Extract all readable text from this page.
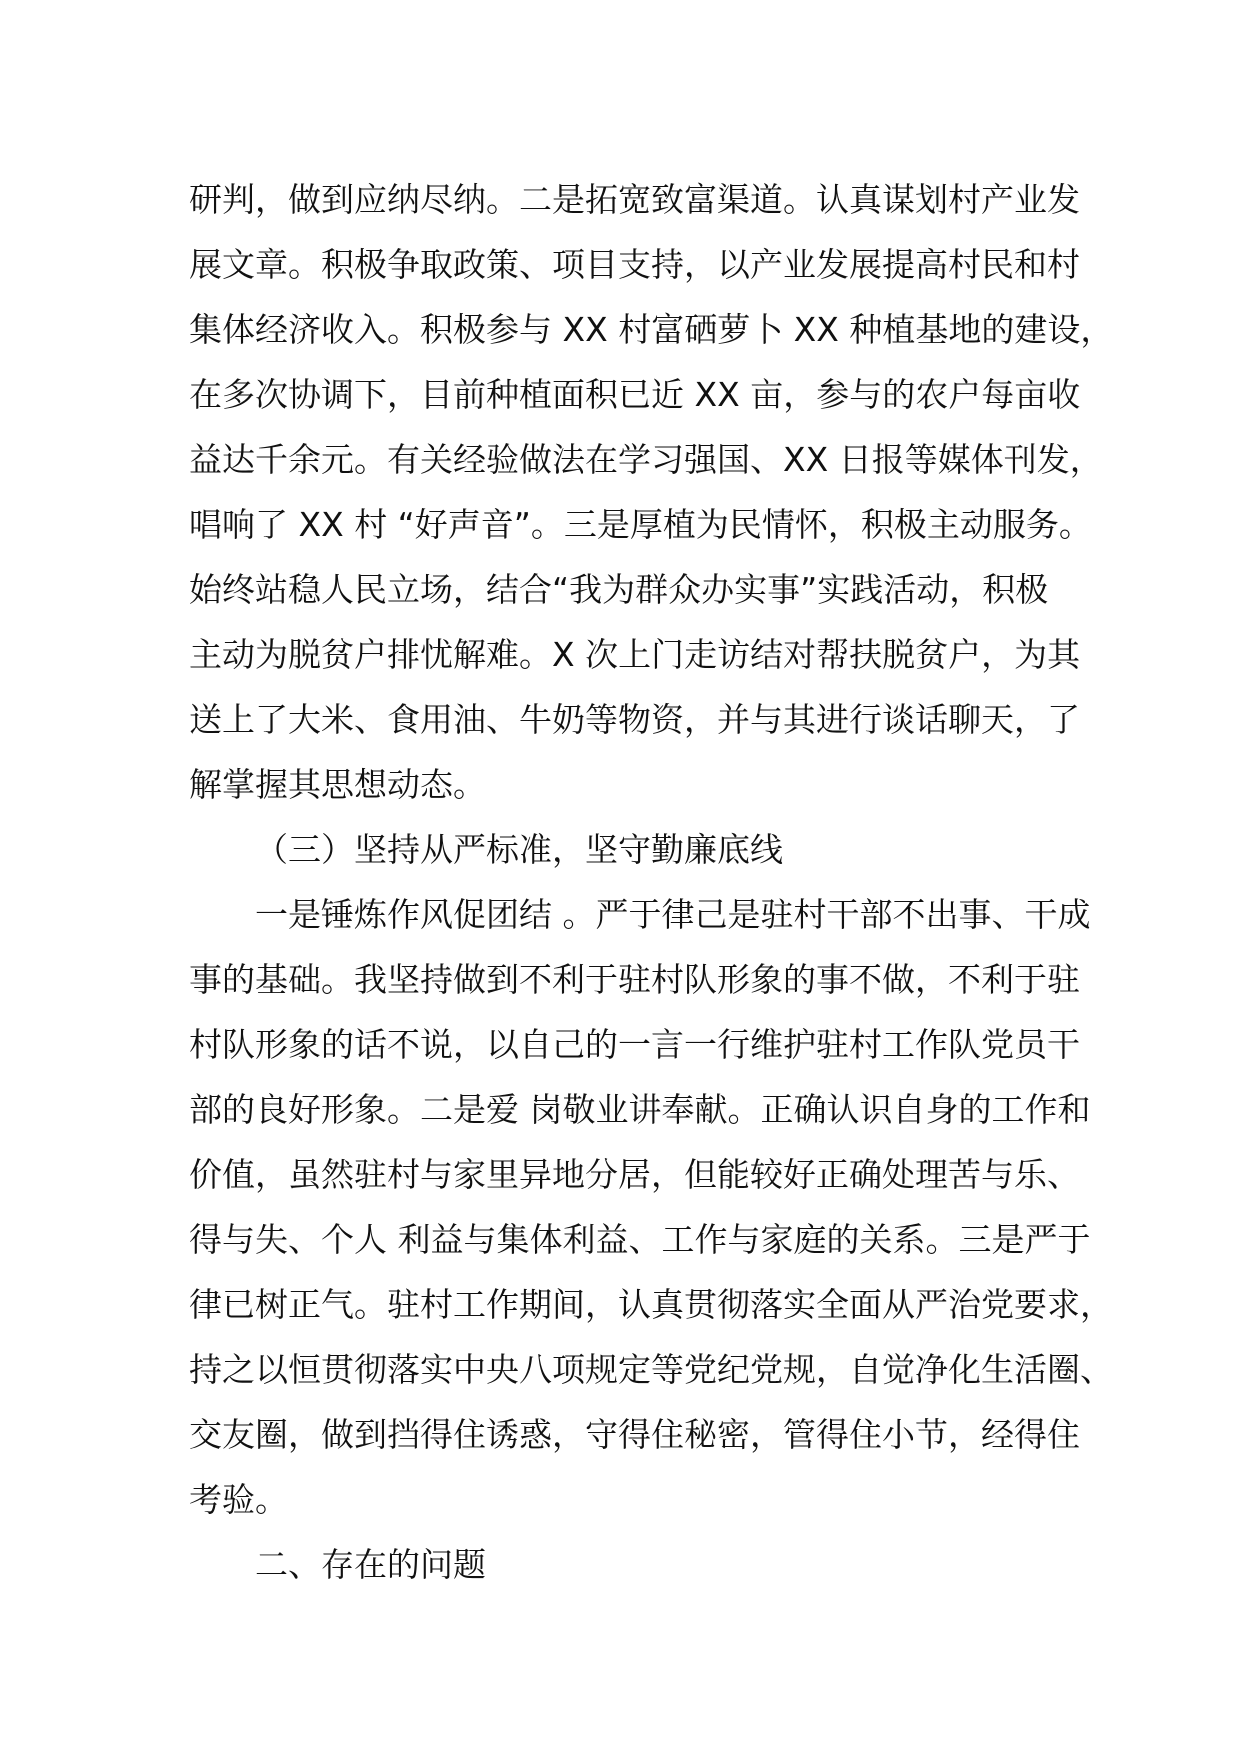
研判，做到应纳尽纳。二是拓宽致富渠道。认真谋划村产业发
展文章。积极争取政策、项目支持，以产业发展提高村民和村
集体经济收入。积极参与 XX 村富硒萝卜 XX 种植基地的建设，
在多次协调下，目前种植面积已近 XX 亩，参与的农户每亩收
益达千余元。有关经验做法在学习强国、XX 日报等媒体刊发，
唱响了 XX 村 “好声音”。三是厚植为民情怀，积极主动服务。
始终站稳人民立场，结合“我为群众办实事”实践活动，积极
主动为脱贫户排忧解难。X 次上门走访结对帮扶脱贫户，为其
送上了大米、食用油、牛奶等物资，并与其进行谈话聊天，了
解掌握其思想动态。
（三）坚持从严标准，坚守勤廉底线
一是锤炼作风促团结 。严于律己是驻村干部不出事、干成
事的基础。我坚持做到不利于驻村队形象的事不做，不利于驻
村队形象的话不说，以自己的一言一行维护驻村工作队党员干
部的良好形象。二是爱 岗敬业讲奉献。正确认识自身的工作和
价值，虽然驻村与家里异地分居，但能较好正确处理苦与乐、
得与失、个人 利益与集体利益、工作与家庭的关系。三是严于
律已树正气。驻村工作期间，认真贯彻落实全面从严治党要求，
持之以恒贯彻落实中央八项规定等党纪党规，自觉净化生活圈、
交友圈，做到挡得住诱惑，守得住秘密，管得住小节，经得住
考验。
二、存在的问题
